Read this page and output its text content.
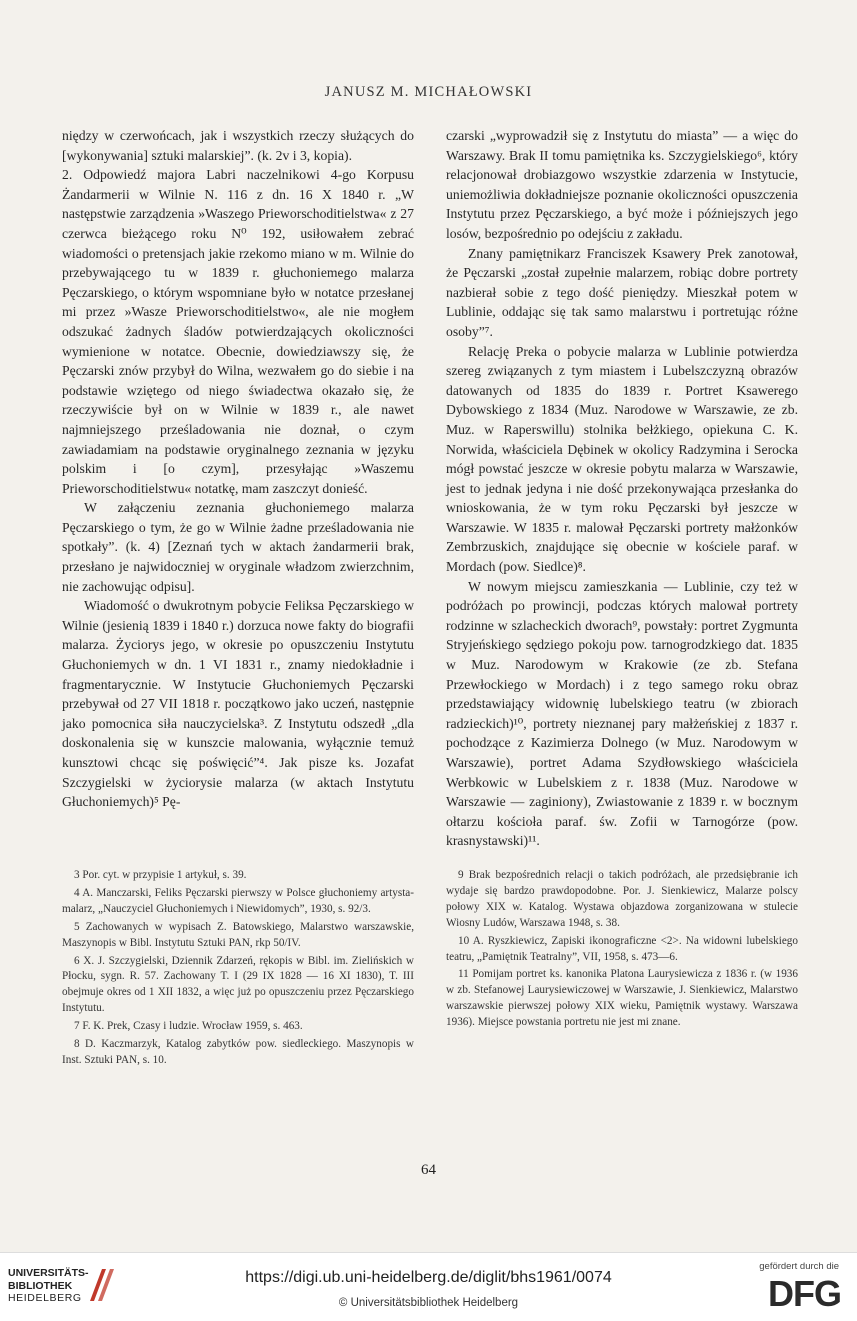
JANUSZ M. MICHAŁOWSKI

niędzy w czerwońcach, jak i wszystkich rzeczy służących do [wykonywania] sztuki malarskiej”. (k. 2v i 3, kopia).

2. Odpowiedź majora Labri naczelnikowi 4-go Korpusu Żandarmerii w Wilnie N. 116 z dn. 16 X 1840 r. „W następstwie zarządzenia »Waszego Prieworschoditielstwa« z 27 czerwca bieżącego roku N⁰ 192, usiłowałem zebrać wiadomości o pretensjach jakie rzekomo miano w m. Wilnie do przebywającego tu w 1839 r. głuchoniemego malarza Pęczarskiego, o którym wspomniane było w notatce przesłanej mi przez »Wasze Prieworschoditielstwo«, ale nie mogłem odszukać żadnych śladów potwierdzających okoliczności wymienione w notatce. Obecnie, dowiedziawszy się, że Pęczarski znów przybył do Wilna, wezwałem go do siebie i na podstawie wziętego od niego świadectwa okazało się, że rzeczywiście był on w Wilnie w 1839 r., ale nawet najmniejszego prześladowania nie doznał, o czym zawiadamiam na podstawie oryginalnego zeznania w języku polskim i [o czym], przesyłając »Waszemu Prieworschoditielstwu« notatkę, mam zaszczyt donieść.

W załączeniu zeznania głuchoniemego malarza Pęczarskiego o tym, że go w Wilnie żadne prześladowania nie spotkały”. (k. 4) [Zeznań tych w aktach żandarmerii brak, przesłano je najwidoczniej w oryginale władzom zwierzchnim, nie zachowując odpisu].

Wiadomość o dwukrotnym pobycie Feliksa Pęczarskiego w Wilnie (jesienią 1839 i 1840 r.) dorzuca nowe fakty do biografii malarza. Życiorys jego, w okresie po opuszczeniu Instytutu Głuchoniemych w dn. 1 VI 1831 r., znamy niedokładnie i fragmentarycznie. W Instytucie Głuchoniemych Pęczarski przebywał od 27 VII 1818 r. początkowo jako uczeń, następnie jako pomocnica siła nauczycielska³. Z Instytutu odszedł „dla doskonalenia się w kunszcie malowania, wyłącznie temuż kunsztowi chcąc się poświęcić”⁴. Jak pisze ks. Jozafat Szczygielski w życiorysie malarza (w aktach Instytutu Głuchoniemych)⁵ Pę-

czarski „wyprowadził się z Instytutu do miasta” — a więc do Warszawy. Brak II tomu pamiętnika ks. Szczygielskiego⁶, który relacjonował drobiazgowo wszystkie zdarzenia w Instytucie, uniemożliwia dokładniejsze poznanie okoliczności opuszczenia Instytutu przez Pęczarskiego, a być może i późniejszych jego losów, bezpośrednio po odejściu z zakładu.

Znany pamiętnikarz Franciszek Ksawery Prek zanotował, że Pęczarski „został zupełnie malarzem, robiąc dobre portrety nazbierał sobie z tego dość pieniędzy. Mieszkał potem w Lublinie, oddając się tak samo malarstwu i portretując różne osoby”⁷.

Relację Preka o pobycie malarza w Lublinie potwierdza szereg związanych z tym miastem i Lubelszczyzną obrazów datowanych od 1835 do 1839 r. Portret Ksawerego Dybowskiego z 1834 (Muz. Narodowe w Warszawie, ze zb. Muz. w Raperswillu) stolnika bełżkiego, opiekuna C. K. Norwida, właściciela Dębinek w okolicy Radzymina i Serocka mógł powstać jeszcze w okresie pobytu malarza w Warszawie, jest to jednak jedyna i nie dość przekonywająca przesłanka do wnioskowania, że w tym roku Pęczarski był jeszcze w Warszawie. W 1835 r. malował Pęczarski portrety małżonków Zembrzuskich, znajdujące się obecnie w kościele paraf. w Mordach (pow. Siedlce)⁸.

W nowym miejscu zamieszkania — Lublinie, czy też w podróżach po prowincji, podczas których malował portrety rodzinne w szlacheckich dworach⁹, powstały: portret Zygmunta Stryjeńskiego sędziego pokoju pow. tarnogrodzkiego dat. 1835 w Muz. Narodowym w Krakowie (ze zb. Stefana Przewłockiego w Mordach) i z tego samego roku obraz przedstawiający widownię lubelskiego teatru (w zbiorach radzieckich)¹⁰, portrety nieznanej pary małżeńskiej z 1837 r. pochodzące z Kazimierza Dolnego (w Muz. Narodowym w Warszawie), portret Adama Szydłowskiego właściciela Werbkowic w Lubelskiem z r. 1838 (Muz. Narodowe w Warszawie — zaginiony), Zwiastowanie z 1839 r. w bocznym ołtarzu kościoła paraf. św. Zofii w Tarnogórze (pow. krasnystawski)¹¹.

3 Por. cyt. w przypisie 1 artykuł, s. 39.

4 A. Manczarski, Feliks Pęczarski pierwszy w Polsce głuchoniemy artysta-malarz, „Nauczyciel Głuchoniemych i Niewidomych”, 1930, s. 92/3.

5 Zachowanych w wypisach Z. Batowskiego, Malarstwo warszawskie, Maszynopis w Bibl. Instytutu Sztuki PAN, rkp 50/IV.

6 X. J. Szczygielski, Dziennik Zdarzeń, rękopis w Bibl. im. Zielińskich w Płocku, sygn. R. 57. Zachowany T. I (29 IX 1828 — 16 XI 1830), T. III obejmuje okres od 1 XII 1832, a więc już po opuszczeniu przez Pęczarskiego Instytutu.

7 F. K. Prek, Czasy i ludzie. Wrocław 1959, s. 463.

8 D. Kaczmarzyk, Katalog zabytków pow. siedleckiego. Maszynopis w Inst. Sztuki PAN, s. 10.

9 Brak bezpośrednich relacji o takich podróżach, ale przedsiębranie ich wydaje się bardzo prawdopodobne. Por. J. Sienkiewicz, Malarze polscy połowy XIX w. Katalog. Wystawa objazdowa zorganizowana w stulecie Wiosny Ludów, Warszawa 1948, s. 38.

10 A. Ryszkiewicz, Zapiski ikonograficzne <2>. Na widowni lubelskiego teatru, „Pamiętnik Teatralny”, VII, 1958, s. 473—6.

11 Pomijam portret ks. kanonika Platona Laurysiewicza z 1836 r. (w 1936 w zb. Stefanowej Laurysiewiczowej w Warszawie, J. Sienkiewicz, Malarstwo warszawskie pierwszej połowy XIX wieku, Pamiętnik wystawy. Warszawa 1936). Miejsce powstania portretu nie jest mi znane.

64
UNIVERSITÄTS-
BIBLIOTHEK
HEIDELBERG
https://digi.ub.uni-heidelberg.de/diglit/bhs1961/0074
© Universitätsbibliothek Heidelberg
gefördert durch die
DFG
